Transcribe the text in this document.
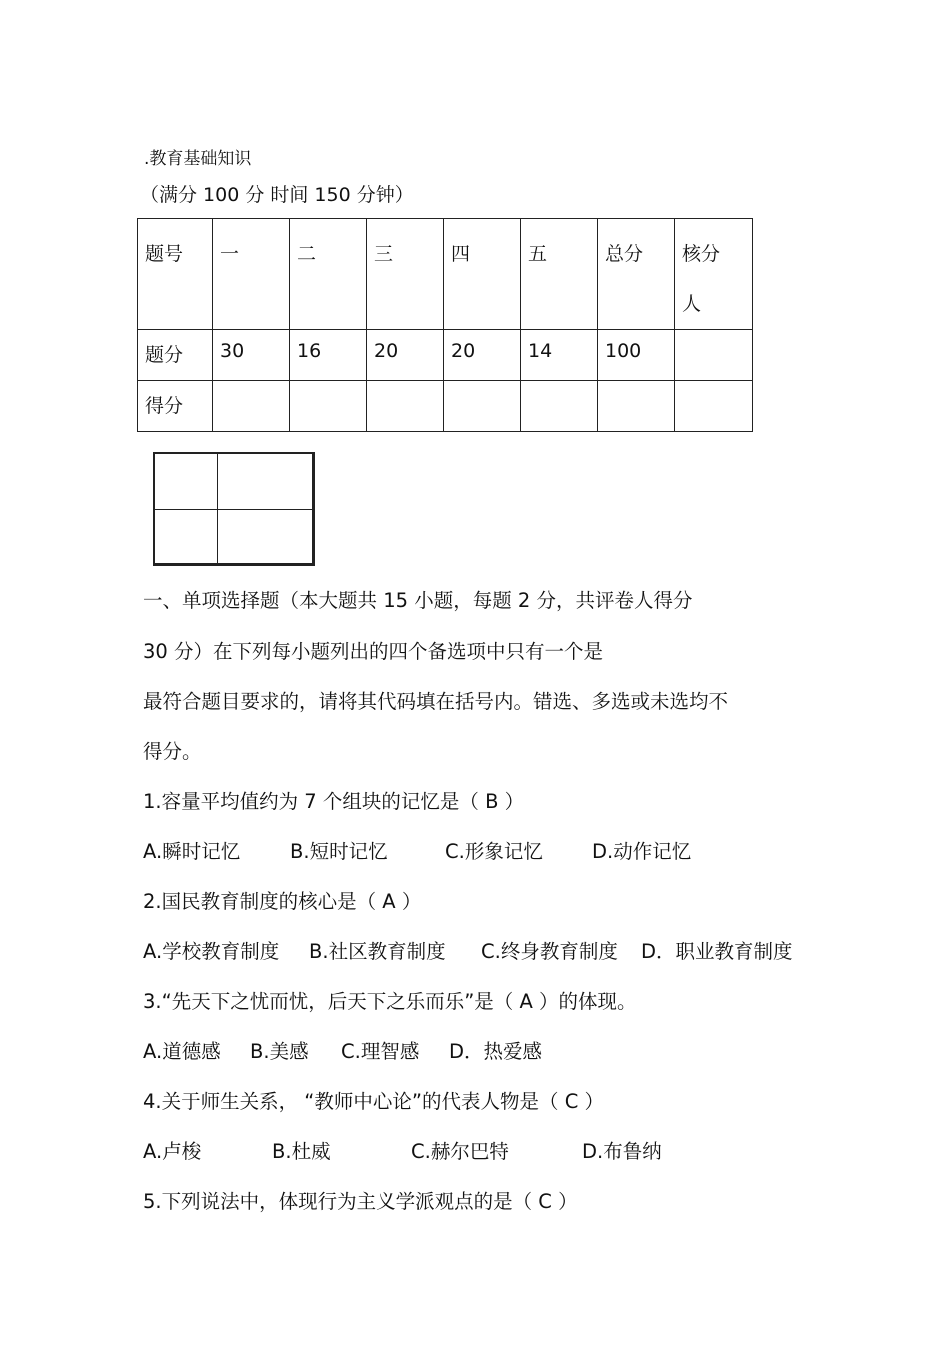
.教育基础知识
（满分 100 分 时间 150 分钟）
题号	一	二	三	四	五	总分	核分人
题分	30	16	20	20	14	100	
得分							
一、单项选择题（本大题共 15 小题，每题 2 分，共评卷人得分
30 分）在下列每小题列出的四个备选项中只有一个是
最符合题目要求的，请将其代码填在括号内。错选、多选或未选均不
得分。
1.容量平均值约为 7 个组块的记忆是（ B ）
A.瞬时记忆	B.短时记忆	C.形象记忆	D.动作记忆
2.国民教育制度的核心是（ A ）
A.学校教育制度 B.社区教育制度 C.终身教育制度 D．职业教育制度
3.“先天下之忧而忧，后天下之乐而乐”是（ A ）的体现。
A.道德感 B.美感 C.理智感 D．热爱感
4.关于师生关系， “教师中心论”的代表人物是（ C ）
A.卢梭	B.杜威	C.赫尔巴特	D.布鲁纳
5.下列说法中，体现行为主义学派观点的是（ C ）
